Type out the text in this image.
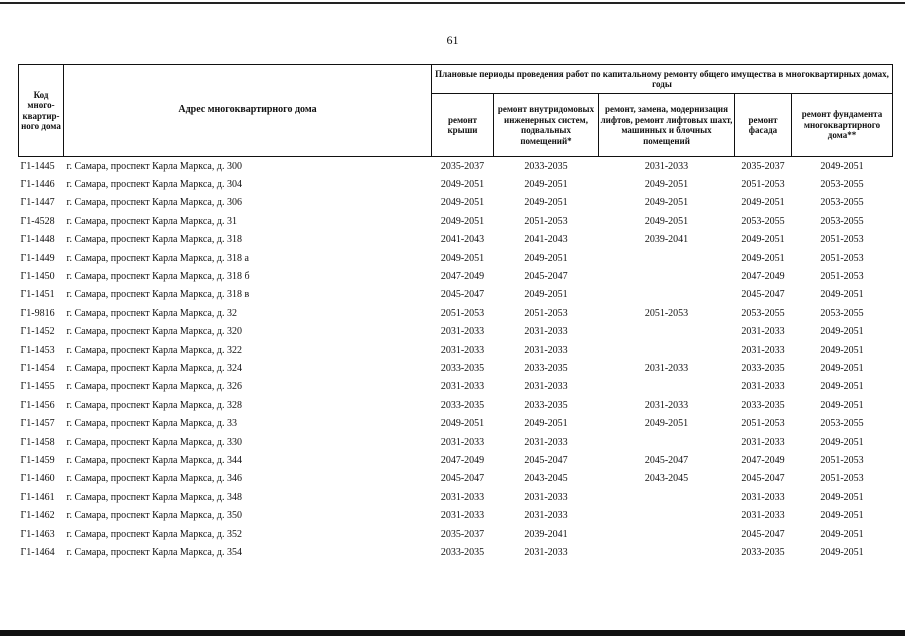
61
Код много-квартир-ного дома	Адрес многоквартирного дома	Плановые периоды проведения работ по капитальному ремонту общего имущества в многоквартирных домах, годы				
		ремонт крыши	ремонт внутридомовых инженерных систем, подвальных помещений*	ремонт, замена, модернизация лифтов, ремонт лифтовых шахт, машинных и блочных помещений	ремонт фасада	ремонт фундамента многоквартирного дома**
Г1-1445	г. Самара, проспект Карла Маркса, д. 300	2035-2037	2033-2035	2031-2033	2035-2037	2049-2051
Г1-1446	г. Самара, проспект Карла Маркса, д. 304	2049-2051	2049-2051	2049-2051	2051-2053	2053-2055
Г1-1447	г. Самара, проспект Карла Маркса, д. 306	2049-2051	2049-2051	2049-2051	2049-2051	2053-2055
Г1-4528	г. Самара, проспект Карла Маркса, д. 31	2049-2051	2051-2053	2049-2051	2053-2055	2053-2055
Г1-1448	г. Самара, проспект Карла Маркса, д. 318	2041-2043	2041-2043	2039-2041	2049-2051	2051-2053
Г1-1449	г. Самара, проспект Карла Маркса, д. 318 а	2049-2051	2049-2051		2049-2051	2051-2053
Г1-1450	г. Самара, проспект Карла Маркса, д. 318 б	2047-2049	2045-2047		2047-2049	2051-2053
Г1-1451	г. Самара, проспект Карла Маркса, д. 318 в	2045-2047	2049-2051		2045-2047	2049-2051
Г1-9816	г. Самара, проспект Карла Маркса, д. 32	2051-2053	2051-2053	2051-2053	2053-2055	2053-2055
Г1-1452	г. Самара, проспект Карла Маркса, д. 320	2031-2033	2031-2033		2031-2033	2049-2051
Г1-1453	г. Самара, проспект Карла Маркса, д. 322	2031-2033	2031-2033		2031-2033	2049-2051
Г1-1454	г. Самара, проспект Карла Маркса, д. 324	2033-2035	2033-2035	2031-2033	2033-2035	2049-2051
Г1-1455	г. Самара, проспект Карла Маркса, д. 326	2031-2033	2031-2033		2031-2033	2049-2051
Г1-1456	г. Самара, проспект Карла Маркса, д. 328	2033-2035	2033-2035	2031-2033	2033-2035	2049-2051
Г1-1457	г. Самара, проспект Карла Маркса, д. 33	2049-2051	2049-2051	2049-2051	2051-2053	2053-2055
Г1-1458	г. Самара, проспект Карла Маркса, д. 330	2031-2033	2031-2033		2031-2033	2049-2051
Г1-1459	г. Самара, проспект Карла Маркса, д. 344	2047-2049	2045-2047	2045-2047	2047-2049	2051-2053
Г1-1460	г. Самара, проспект Карла Маркса, д. 346	2045-2047	2043-2045	2043-2045	2045-2047	2051-2053
Г1-1461	г. Самара, проспект Карла Маркса, д. 348	2031-2033	2031-2033		2031-2033	2049-2051
Г1-1462	г. Самара, проспект Карла Маркса, д. 350	2031-2033	2031-2033		2031-2033	2049-2051
Г1-1463	г. Самара, проспект Карла Маркса, д. 352	2035-2037	2039-2041		2045-2047	2049-2051
Г1-1464	г. Самара, проспект Карла Маркса, д. 354	2033-2035	2031-2033		2033-2035	2049-2051
